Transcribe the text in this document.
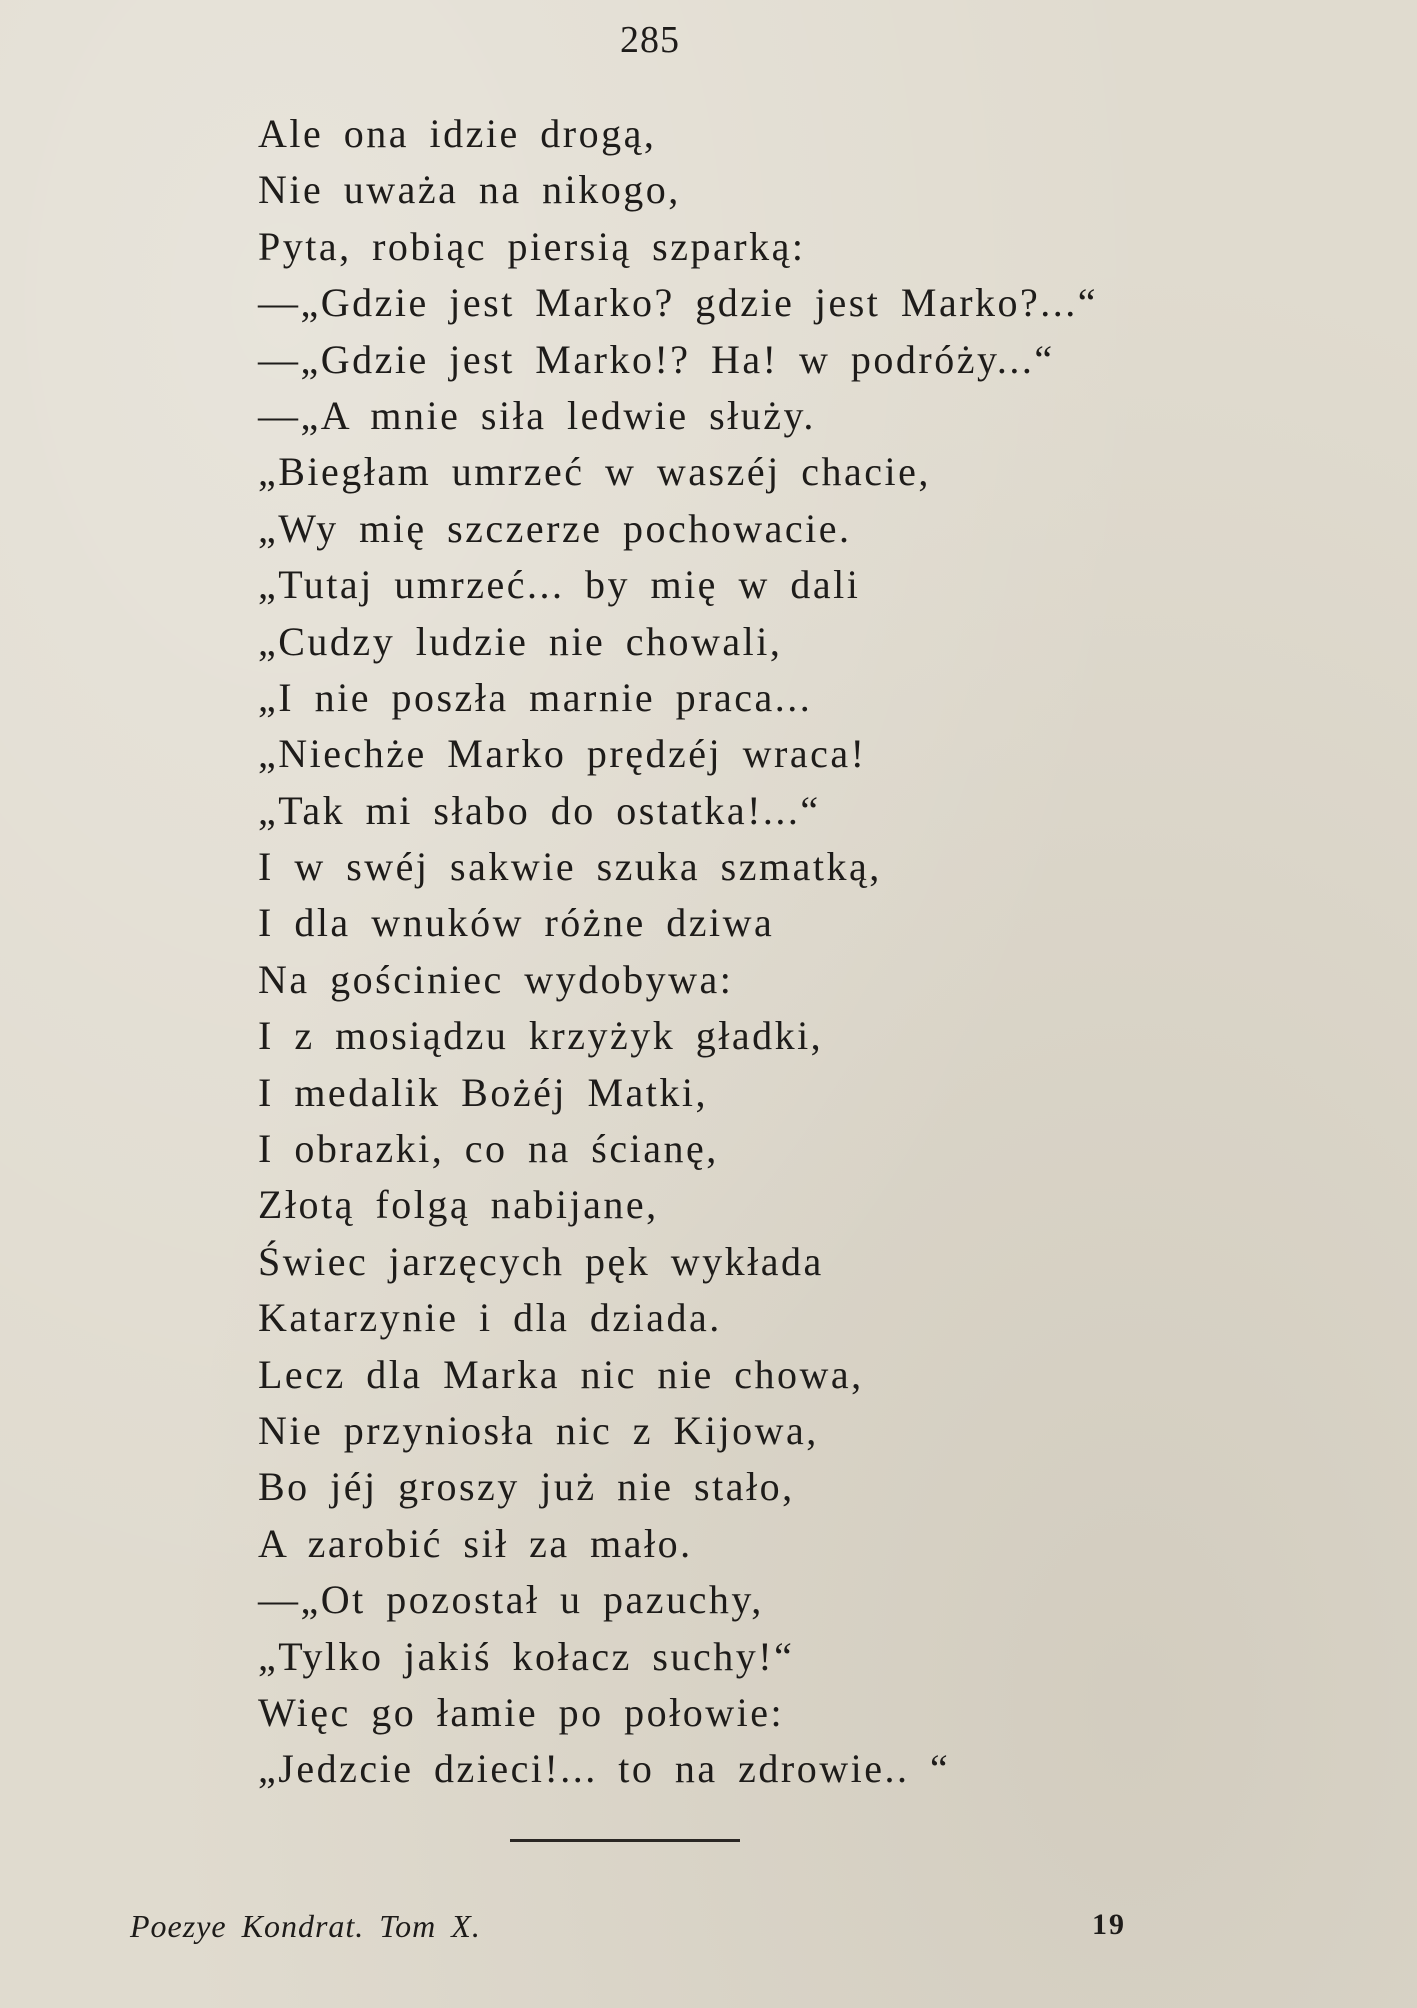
285
Ale ona idzie drogą,
Nie uważa na nikogo,
Pyta, robiąc piersią szparką:
—„Gdzie jest Marko? gdzie jest Marko?...“
—„Gdzie jest Marko!? Ha! w podróży...“
—„A mnie siła ledwie służy.
„Biegłam umrzeć w waszéj chacie,
„Wy mię szczerze pochowacie.
„Tutaj umrzeć... by mię w dali
„Cudzy ludzie nie chowali,
„I nie poszła marnie praca...
„Niechże Marko prędzéj wraca!
„Tak mi słabo do ostatka!...“
I w swéj sakwie szuka szmatką,
I dla wnuków różne dziwa
Na gościniec wydobywa:
I z mosiądzu krzyżyk gładki,
I medalik Bożéj Matki,
I obrazki, co na ścianę,
Złotą folgą nabijane,
Świec jarzęcych pęk wykłada
Katarzynie i dla dziada.
Lecz dla Marka nic nie chowa,
Nie przyniosła nic z Kijowa,
Bo jéj groszy już nie stało,
A zarobić sił za mało.
—„Ot pozostał u pazuchy,
„Tylko jakiś kołacz suchy!“
Więc go łamie po połowie:
„Jedzcie dzieci!... to na zdrowie.. “
Poezye Kondrat. Tom X.	19
